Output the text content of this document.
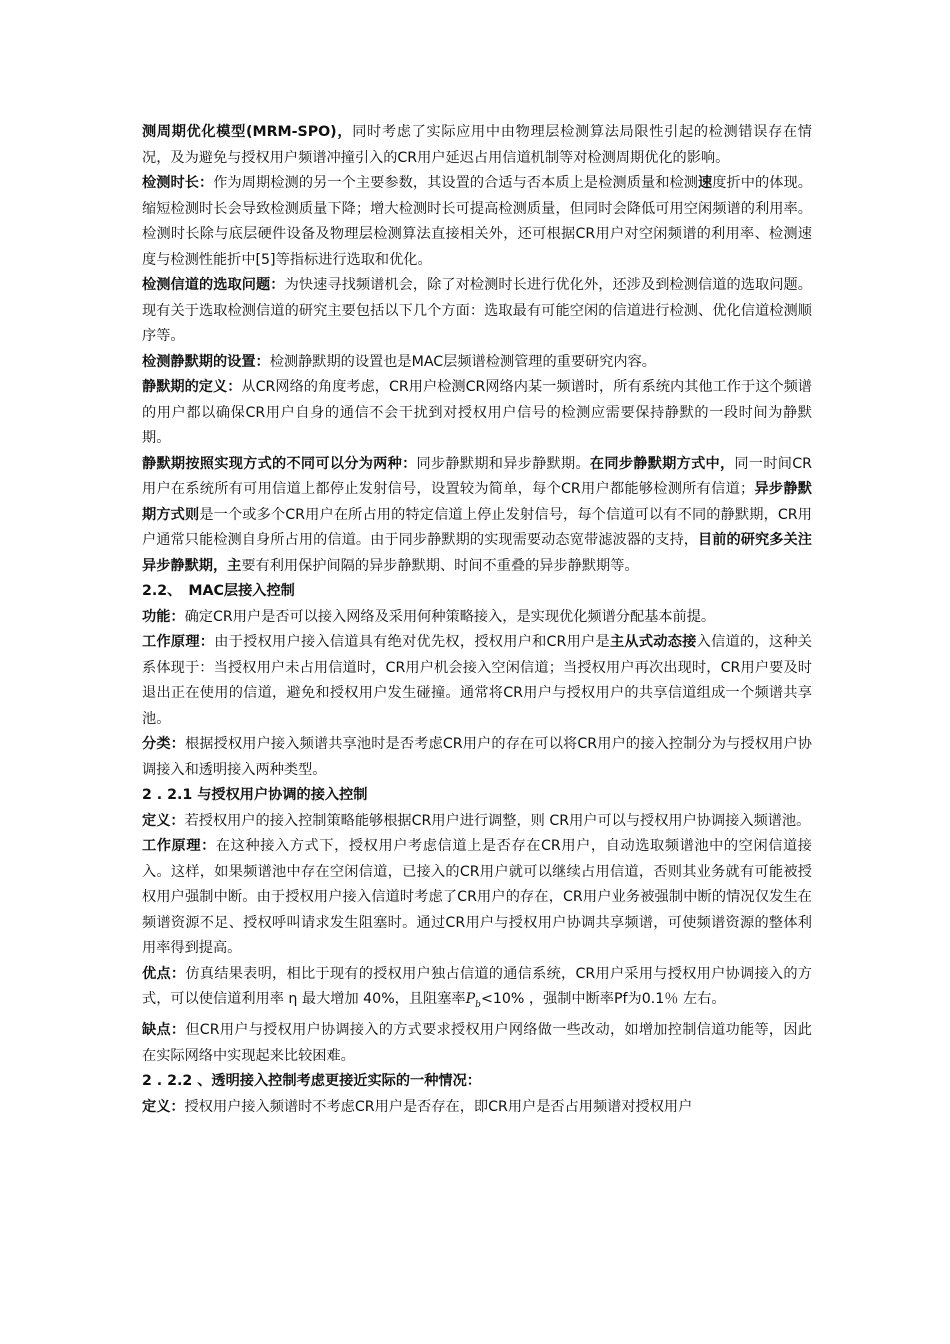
测周期优化模型(MRM-SPO)，同时考虑了实际应用中由物理层检测算法局限性引起的检测错误存在情况，及为避免与授权用户频谱冲撞引入的CR用户延迟占用信道机制等对检测周期优化的影响。

检测时长：作为周期检测的另一个主要参数，其设置的合适与否本质上是检测质量和检测速度折中的体现。缩短检测时长会导致检测质量下降；增大检测时长可提高检测质量，但同时会降低可用空闲频谱的利用率。检测时长除与底层硬件设备及物理层检测算法直接相关外，还可根据CR用户对空闲频谱的利用率、检测速度与检测性能折中[5]等指标进行选取和优化。

检测信道的选取问题：为快速寻找频谱机会，除了对检测时长进行优化外，还涉及到检测信道的选取问题。现有关于选取检测信道的研究主要包括以下几个方面：选取最有可能空闲的信道进行检测、优化信道检测顺序等。

检测静默期的设置：检测静默期的设置也是MAC层频谱检测管理的重要研究内容。

静默期的定义：从CR网络的角度考虑，CR用户检测CR网络内某一频谱时，所有系统内其他工作于这个频谱的用户都以确保CR用户自身的通信不会干扰到对授权用户信号的检测应需要保持静默的一段时间为静默期。

静默期按照实现方式的不同可以分为两种：同步静默期和异步静默期。在同步静默期方式中，同一时间CR用户在系统所有可用信道上都停止发射信号，设置较为简单，每个CR用户都能够检测所有信道；异步静默期方式则是一个或多个CR用户在所占用的特定信道上停止发射信号，每个信道可以有不同的静默期，CR用户通常只能检测自身所占用的信道。由于同步静默期的实现需要动态宽带滤波器的支持，目前的研究多关注异步静默期，主要有利用保护间隔的异步静默期、时间不重叠的异步静默期等。

2.2、　MAC层接入控制

功能：确定CR用户是否可以接入网络及采用何种策略接入，是实现优化频谱分配基本前提。

工作原理：由于授权用户接入信道具有绝对优先权，授权用户和CR用户是主从式动态接入信道的，这种关系体现于：当授权用户未占用信道时，CR用户机会接入空闲信道；当授权用户再次出现时，CR用户要及时退出正在使用的信道，避免和授权用户发生碰撞。通常将CR用户与授权用户的共享信道组成一个频谱共享池。

分类：根据授权用户接入频谱共享池时是否考虑CR用户的存在可以将CR用户的接入控制分为与授权用户协调接入和透明接入两种类型。

2 . 2.1 与授权用户协调的接入控制

定义：若授权用户的接入控制策略能够根据CR用户进行调整，则 CR用户可以与授权用户协调接入频谱池。

工作原理：在这种接入方式下，授权用户考虑信道上是否存在CR用户，自动选取频谱池中的空闲信道接入。这样，如果频谱池中存在空闲信道，已接入的CR用户就可以继续占用信道，否则其业务就有可能被授权用户强制中断。由于授权用户接入信道时考虑了CR用户的存在，CR用户业务被强制中断的情况仅发生在频谱资源不足、授权呼叫请求发生阻塞时。通过CR用户与授权用户协调共享频谱，可使频谱资源的整体利用率得到提高。

优点：仿真结果表明，相比于现有的授权用户独占信道的通信系统，CR用户采用与授权用户协调接入的方式，可以使信道利用率 η 最大增加 40%，且阻塞率$P_b<10\%$ ，强制中断率Pf为0.1％ 左右。

缺点：但CR用户与授权用户协调接入的方式要求授权用户网络做一些改动，如增加控制信道功能等，因此在实际网络中实现起来比较困难。

2 . 2.2 、透明接入控制考虑更接近实际的一种情况：

定义：授权用户接入频谱时不考虑CR用户是否存在，即CR用户是否占用频谱对授权用户
